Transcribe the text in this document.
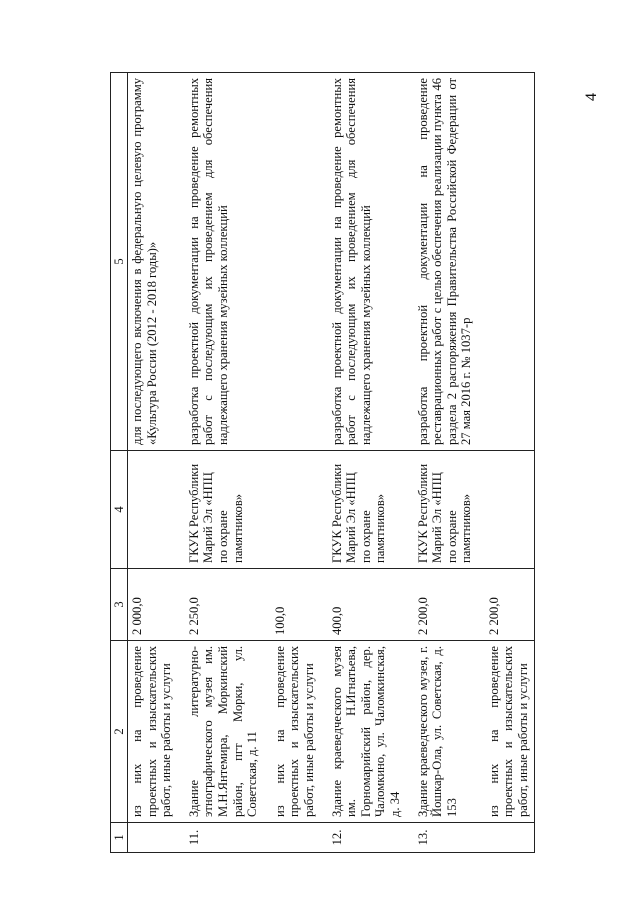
4
1	2	3	4	5
	из них на проведение проектных и изыскательских работ, иные работы и услуги	2 000,0		для последующего включения в федеральную целевую программу «Культура России (2012 - 2018 годы)»
11.	Здание литературно-этнографического музея им. М.Н.Янтемира, Моркинский район, пгт Морки, ул. Советская, д. 11	2 250,0	ГКУК Республики Марий Эл «НПЦ по охране памятников»	разработка проектной документации на проведение ремонтных работ с последующим их проведением для обеспечения надлежащего хранения музейных коллекций
	из них на проведение проектных и изыскательских работ, иные работы и услуги	100,0		
12.	Здание краеведческого музея им. Н.Игнатьева, Горномарийский район, дер. Чаломкино, ул. Чаломкинская, д. 34	400,0	ГКУК Республики Марий Эл «НПЦ по охране памятников»	разработка проектной документации на проведение ремонтных работ с последующим их проведением для обеспечения надлежащего хранения музейных коллекций
13.	Здание краеведческого музея, г. Йошкар-Ола, ул. Советская, д. 153	2 200,0	ГКУК Республики Марий Эл «НПЦ по охране памятников»	разработка проектной документации на проведение реставрационных работ с целью обеспечения реализации пункта 46 раздела 2 распоряжения Правительства Российской Федерации от 27 мая 2016 г. № 1037-р
	из них на проведение проектных и изыскательских работ, иные работы и услуги	2 200,0		
